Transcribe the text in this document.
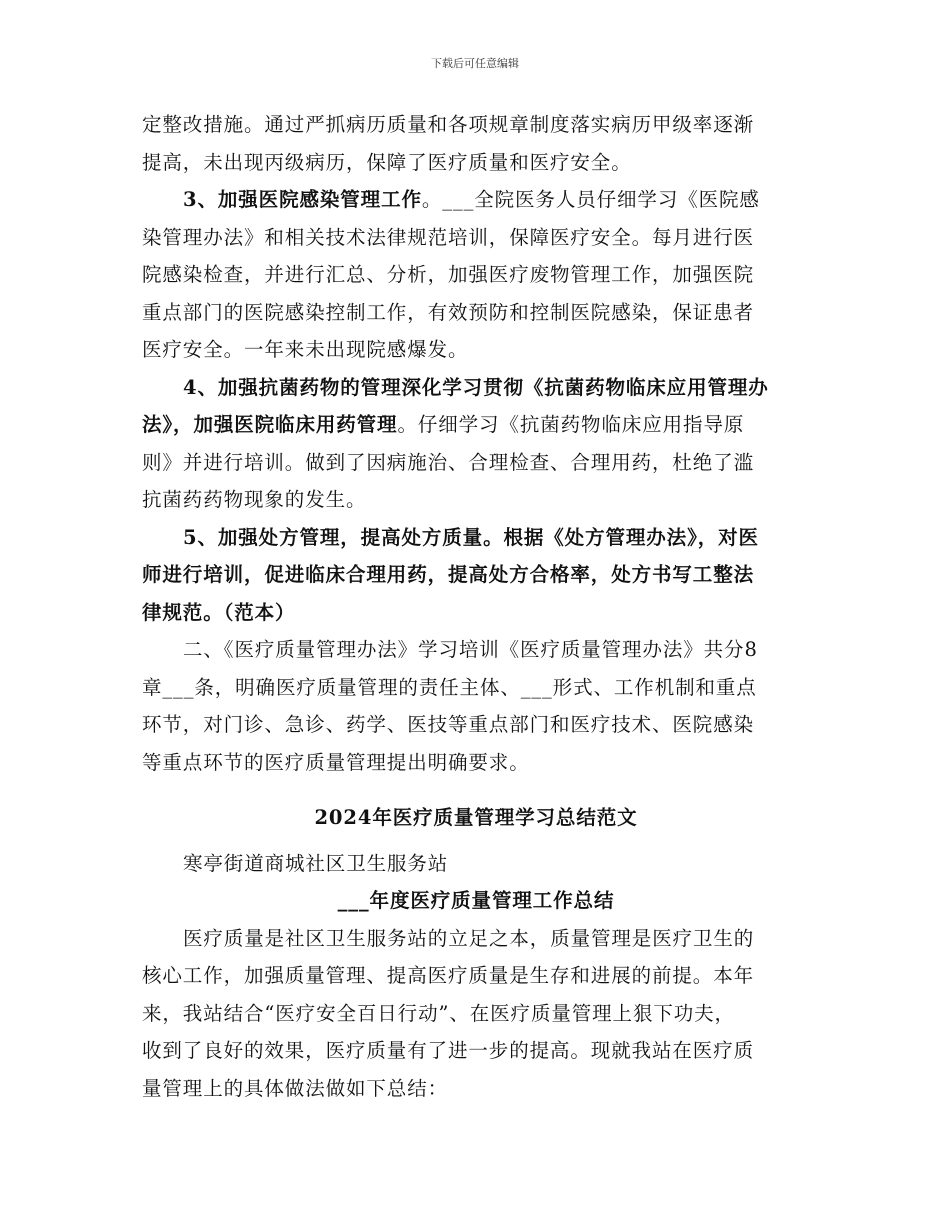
下载后可任意编辑
定整改措施。通过严抓病历质量和各项规章制度落实病历甲级率逐渐
提高，未出现丙级病历，保障了医疗质量和医疗安全。
3、加强医院感染管理工作。___全院医务人员仔细学习《医院感
染管理办法》和相关技术法律规范培训，保障医疗安全。每月进行医
院感染检查，并进行汇总、分析，加强医疗废物管理工作，加强医院
重点部门的医院感染控制工作，有效预防和控制医院感染，保证患者
医疗安全。一年来未出现院感爆发。
4、加强抗菌药物的管理深化学习贯彻《抗菌药物临床应用管理办
法》，加强医院临床用药管理。仔细学习《抗菌药物临床应用指导原
则》并进行培训。做到了因病施治、合理检查、合理用药，杜绝了滥
抗菌药药物现象的发生。
5、加强处方管理，提高处方质量。根据《处方管理办法》，对医
师进行培训，促进临床合理用药，提高处方合格率，处方书写工整法
律规范。（范本）
二、《医疗质量管理办法》学习培训《医疗质量管理办法》共分8
章___条，明确医疗质量管理的责任主体、___形式、工作机制和重点
环节，对门诊、急诊、药学、医技等重点部门和医疗技术、医院感染
等重点环节的医疗质量管理提出明确要求。
2024年医疗质量管理学习总结范文
寒亭街道商城社区卫生服务站
___年度医疗质量管理工作总结
医疗质量是社区卫生服务站的立足之本，质量管理是医疗卫生的
核心工作，加强质量管理、提高医疗质量是生存和进展的前提。本年
来，我站结合“医疗安全百日行动”、在医疗质量管理上狠下功夫，
收到了良好的效果，医疗质量有了进一步的提高。现就我站在医疗质
量管理上的具体做法做如下总结：
